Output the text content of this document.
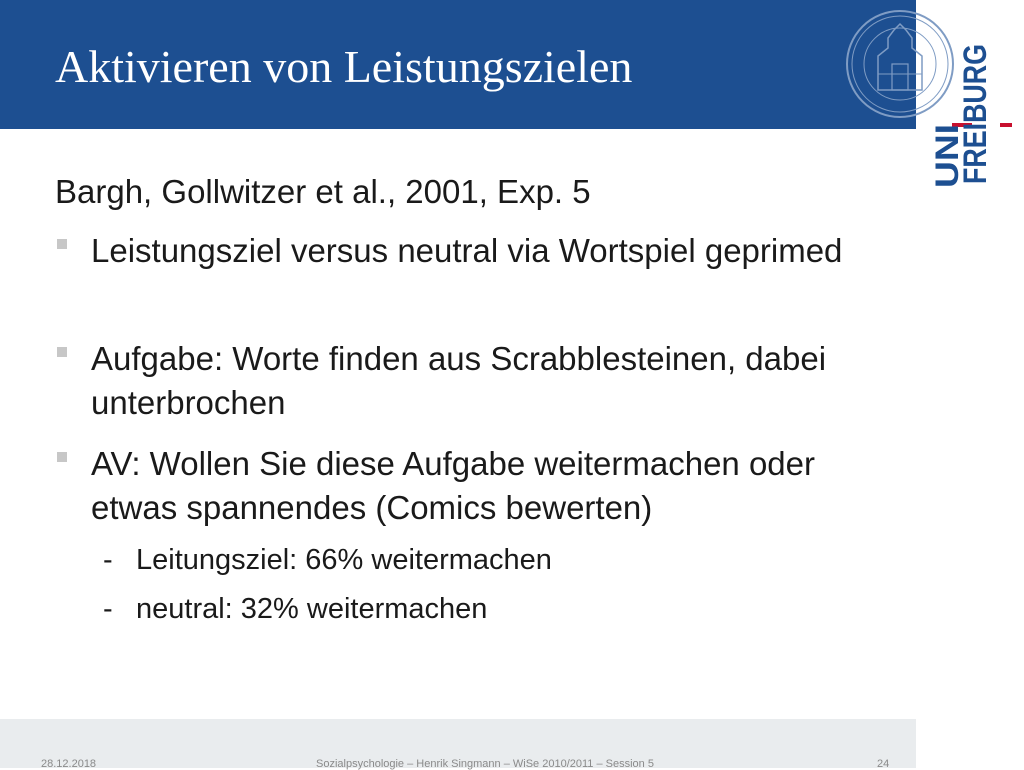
Aktivieren von Leistungszielen
UNI
FREIBURG
Bargh, Gollwitzer et al., 2001, Exp. 5
Leistungsziel versus neutral via Wortspiel geprimed
Aufgabe: Worte finden aus Scrabblesteinen, dabei unterbrochen
AV: Wollen Sie diese Aufgabe weitermachen oder etwas spannendes (Comics bewerten)
- Leitungsziel: 66% weitermachen
- neutral: 32% weitermachen
28.12.2018	Sozialpsychologie – Henrik Singmann – WiSe 2010/2011 – Session 5	24
